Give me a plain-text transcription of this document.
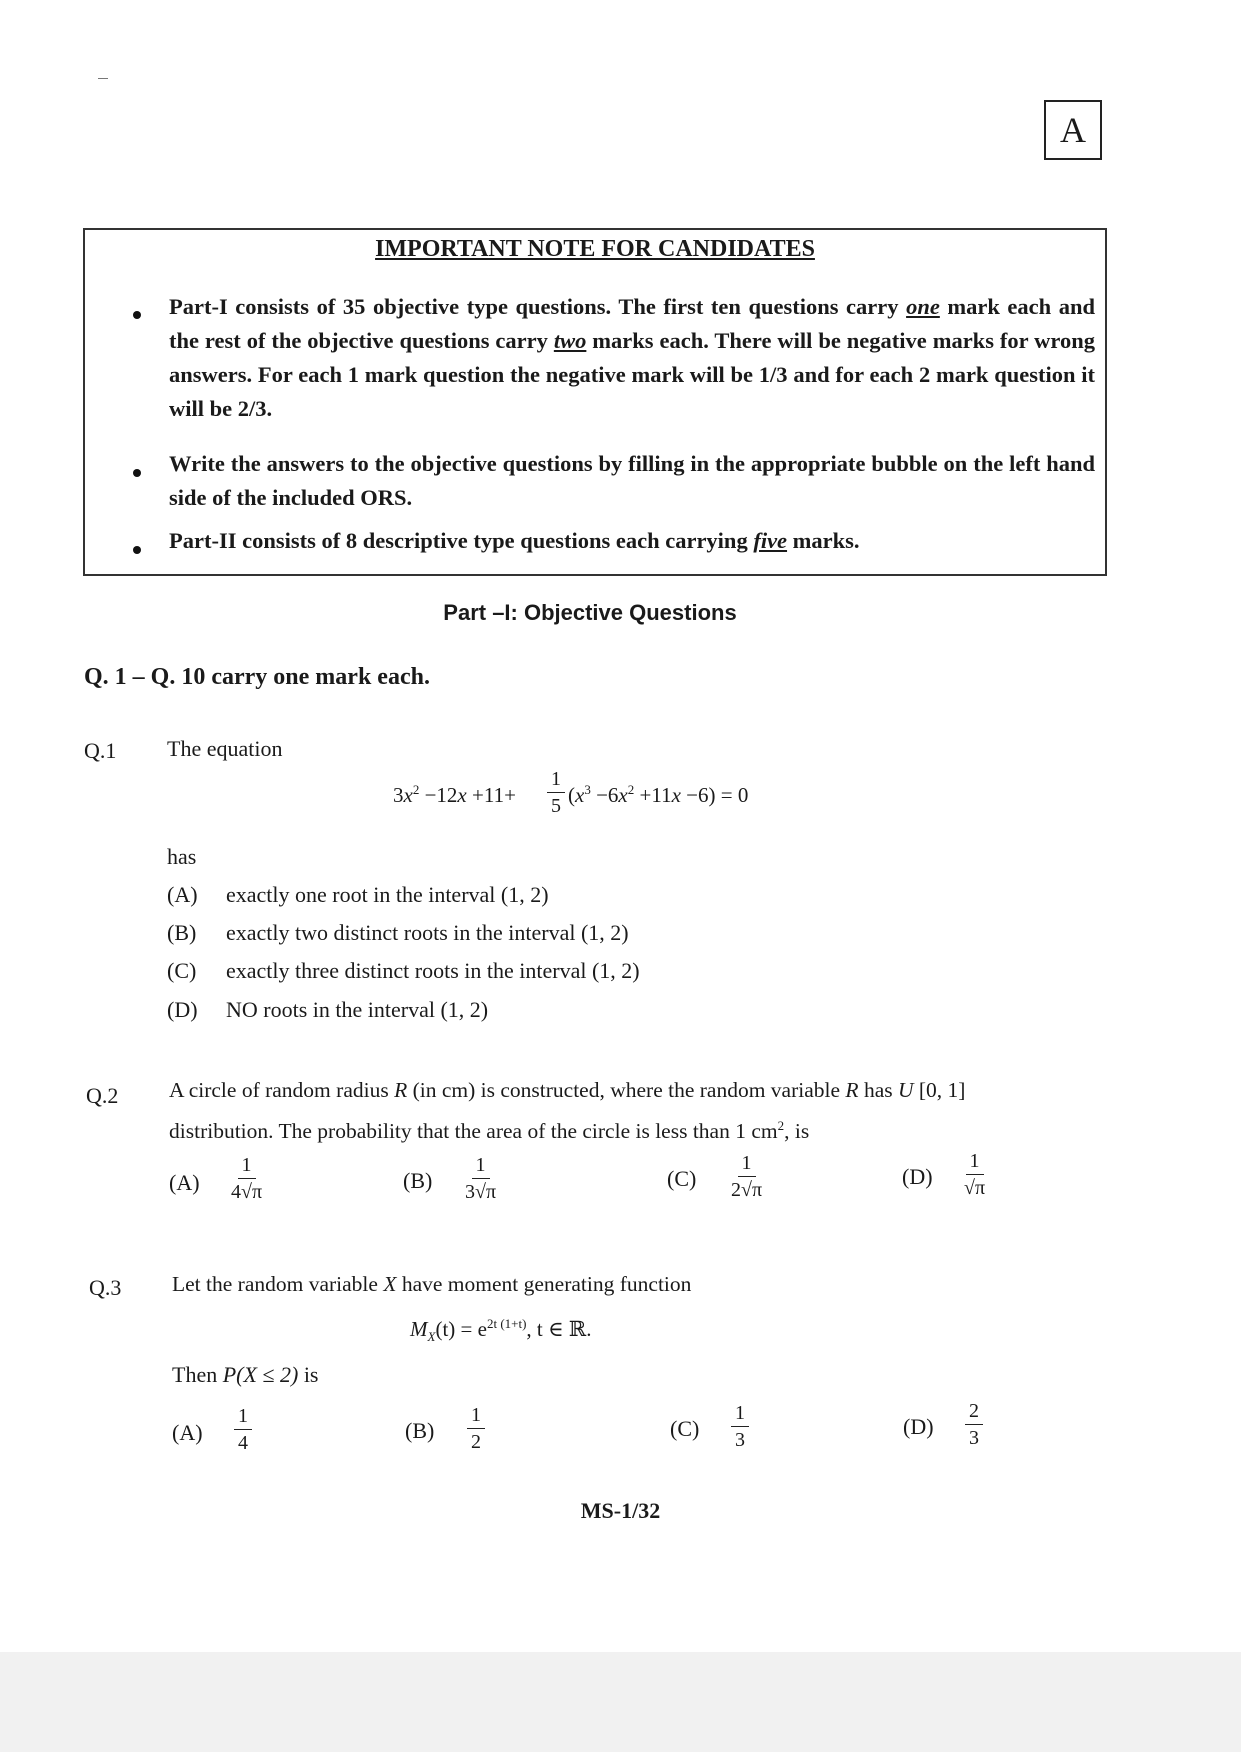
A
IMPORTANT NOTE FOR CANDIDATES
Part-I consists of 35 objective type questions. The first ten questions carry one mark each and the rest of the objective questions carry two marks each. There will be negative marks for wrong answers. For each 1 mark question the negative mark will be 1/3 and for each 2 mark question it will be 2/3.
Write the answers to the objective questions by filling in the appropriate bubble on the left hand side of the included ORS.
Part-II consists of 8 descriptive type questions each carrying five marks.
Part –I: Objective Questions
Q. 1 – Q. 10 carry one mark each.
Q.1 The equation
$3x^2 -12x +11+ \frac{1}{5} (x^3 -6x^2 +11x -6) = 0$
has
(A) exactly one root in the interval (1, 2)
(B) exactly two distinct roots in the interval (1, 2)
(C) exactly three distinct roots in the interval (1, 2)
(D) NO roots in the interval (1, 2)
Q.2 A circle of random radius R (in cm) is constructed, where the random variable R has U [0, 1]
distribution. The probability that the area of the circle is less than 1 $cm^2$, is
$(A) \frac{1}{4√\pi}$	$(B) \frac{1}{3√\pi}$	$(C) \frac{1}{2√\pi}$	$(D) \frac{1}{√\pi}$
Q.3 Let the random variable X have moment generating function
$M_X(t) = e^{2t (1+t)}$, t ∈ ℝ.
Then P(X ≤ 2) is
$(A) \frac{1}{4}$	$(B) \frac{1}{2}$	$(C) \frac{1}{3}$	$(D) \frac{2}{3}$
MS-1/32
